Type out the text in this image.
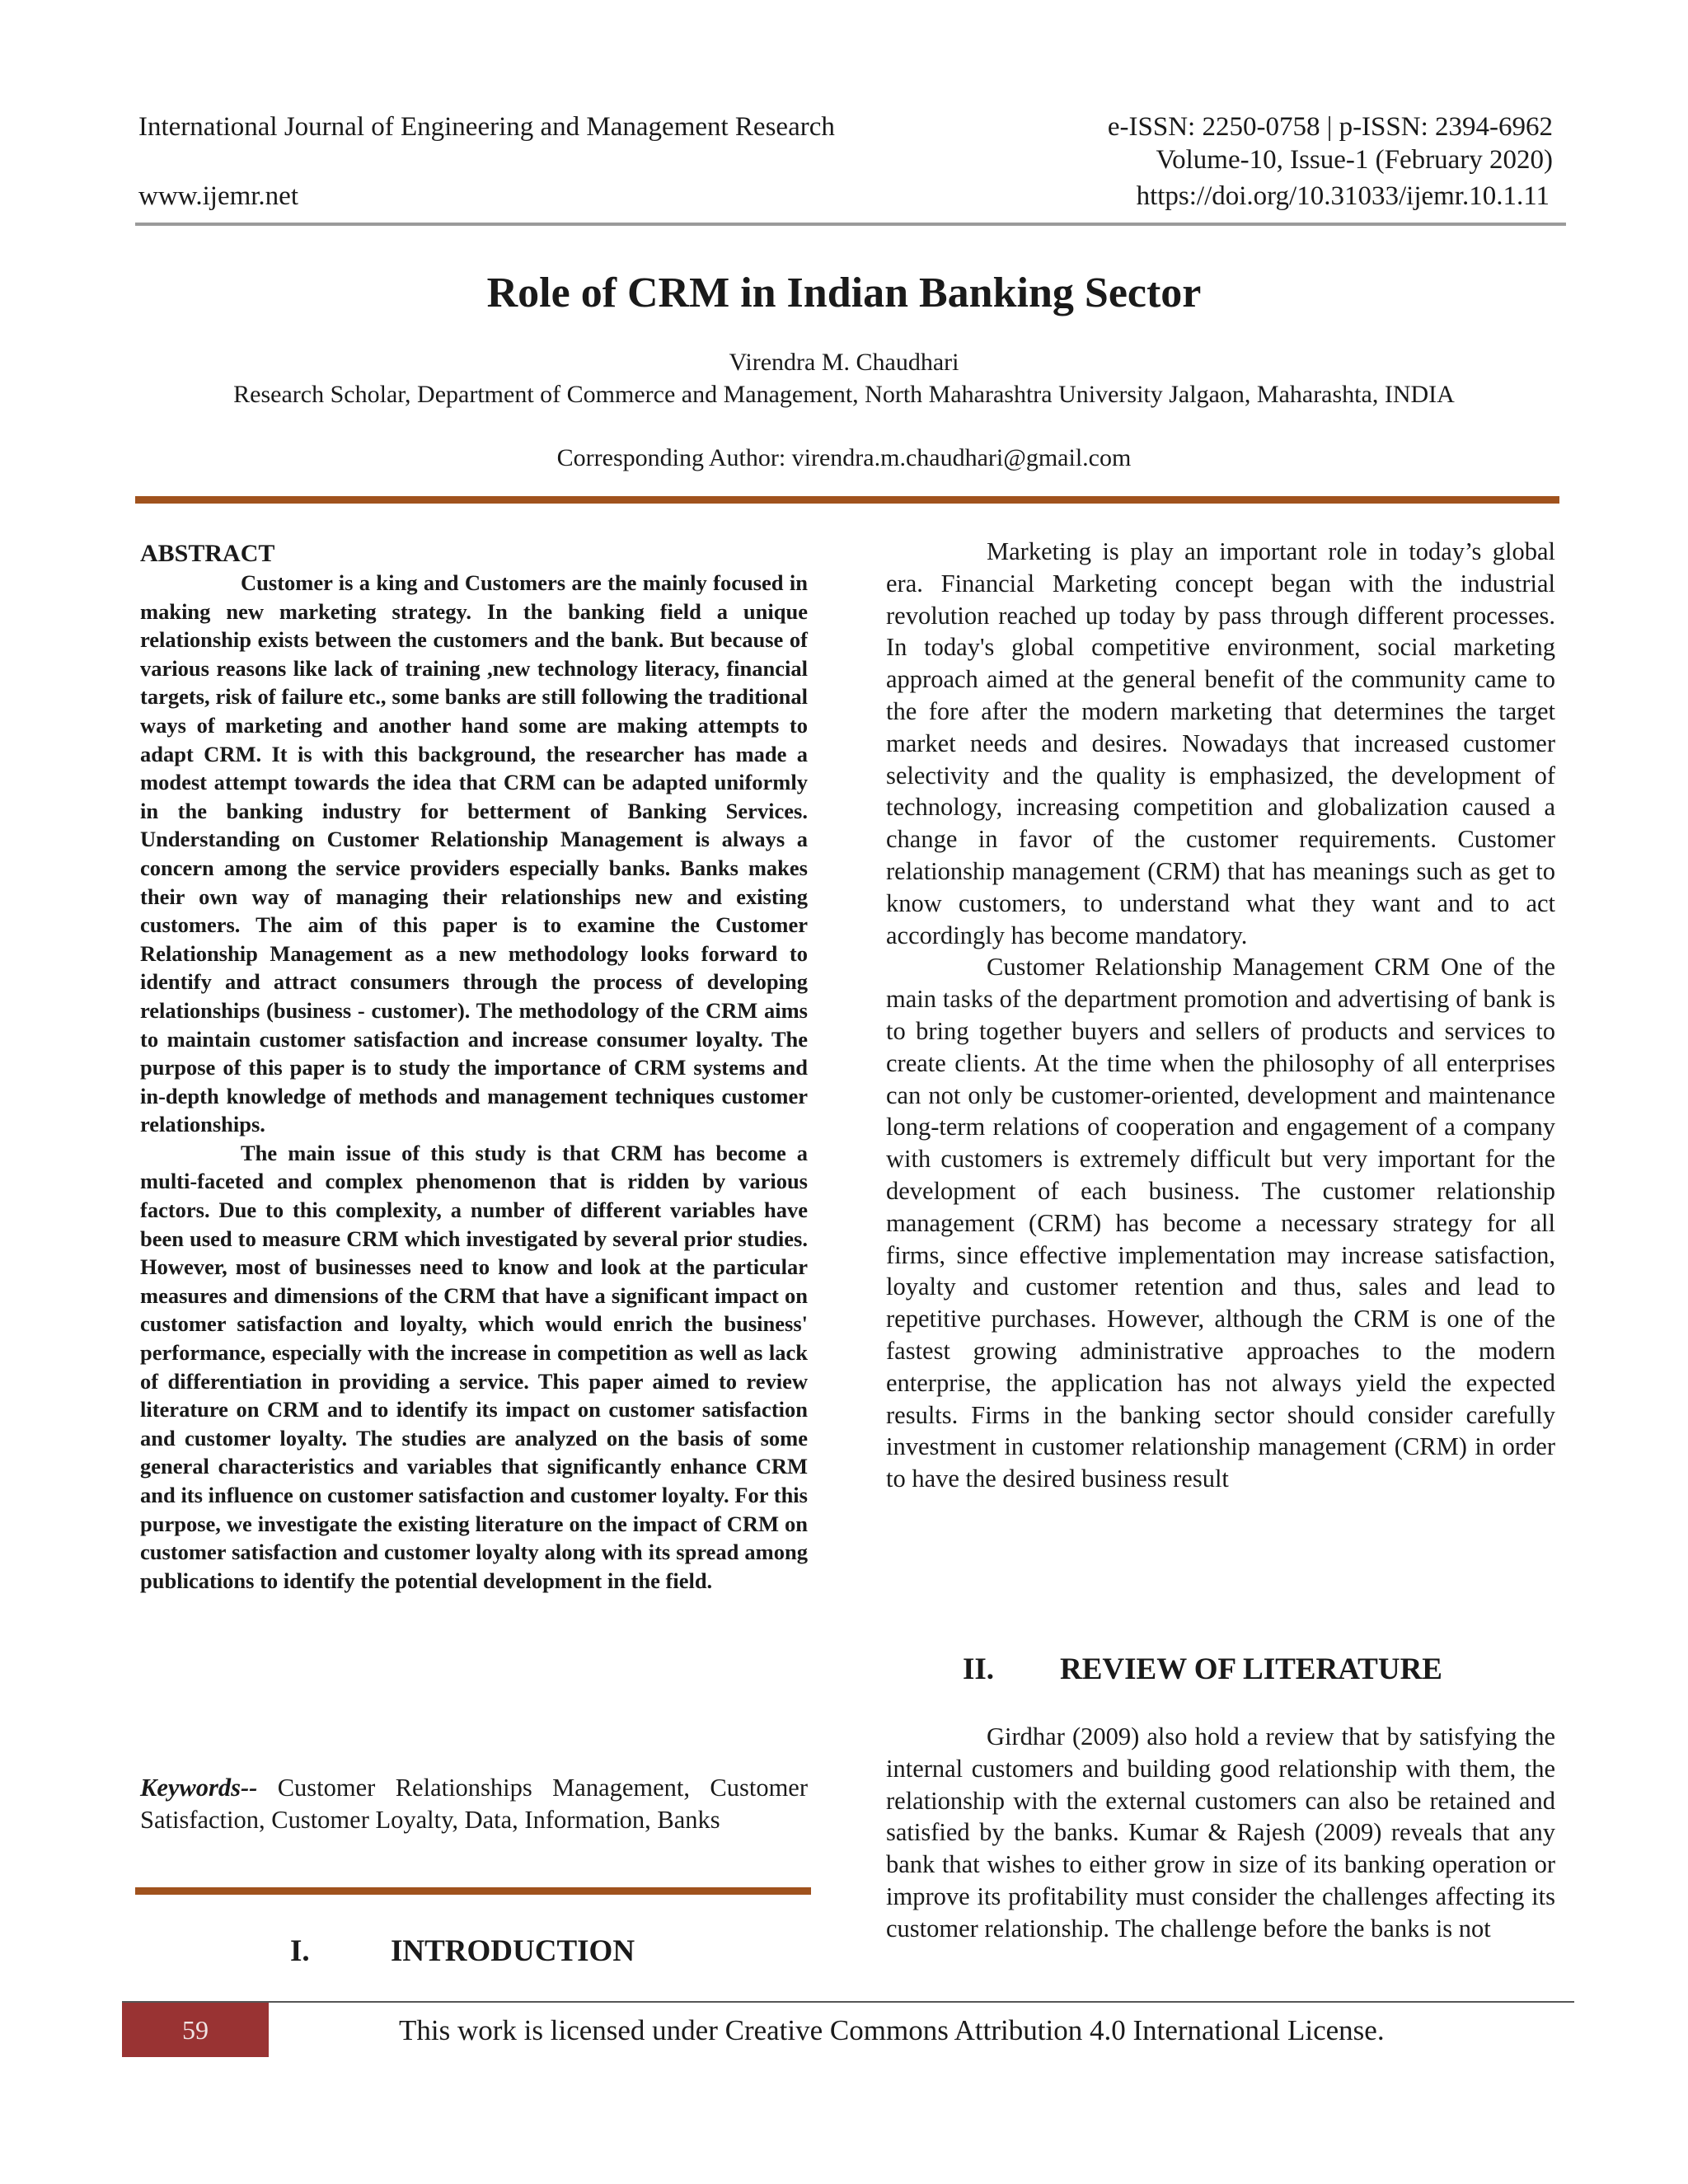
International Journal of Engineering and Management Research	e-ISSN: 2250-0758 | p-ISSN: 2394-6962
Volume-10, Issue-1 (February 2020)
www.ijemr.net	https://doi.org/10.31033/ijemr.10.1.11
Role of CRM in Indian Banking Sector
Virendra M. Chaudhari
Research Scholar, Department of Commerce and Management, North Maharashtra University Jalgaon, Maharashta, INDIA
Corresponding Author: virendra.m.chaudhari@gmail.com
ABSTRACT

Customer is a king and Customers are the mainly focused in making new marketing strategy. In the banking field a unique relationship exists between the customers and the bank. But because of various reasons like lack of training ,new technology literacy, financial targets, risk of failure etc., some banks are still following the traditional ways of marketing and another hand some are making attempts to adapt CRM. It is with this background, the researcher has made a modest attempt towards the idea that CRM can be adapted uniformly in the banking industry for betterment of Banking Services. Understanding on Customer Relationship Management is always a concern among the service providers especially banks. Banks makes their own way of managing their relationships new and existing customers. The aim of this paper is to examine the Customer Relationship Management as a new methodology looks forward to identify and attract consumers through the process of developing relationships (business - customer). The methodology of the CRM aims to maintain customer satisfaction and increase consumer loyalty. The purpose of this paper is to study the importance of CRM systems and in-depth knowledge of methods and management techniques customer relationships.

The main issue of this study is that CRM has become a multi-faceted and complex phenomenon that is ridden by various factors. Due to this complexity, a number of different variables have been used to measure CRM which investigated by several prior studies. However, most of businesses need to know and look at the particular measures and dimensions of the CRM that have a significant impact on customer satisfaction and loyalty, which would enrich the business' performance, especially with the increase in competition as well as lack of differentiation in providing a service. This paper aimed to review literature on CRM and to identify its impact on customer satisfaction and customer loyalty. The studies are analyzed on the basis of some general characteristics and variables that significantly enhance CRM and its influence on customer satisfaction and customer loyalty. For this purpose, we investigate the existing literature on the impact of CRM on customer satisfaction and customer loyalty along with its spread among publications to identify the potential development in the field.

Keywords-- Customer Relationships Management, Customer Satisfaction, Customer Loyalty, Data, Information, Banks

I.	INTRODUCTION

Marketing is play an important role in today’s global era. Financial Marketing concept began with the industrial revolution reached up today by pass through different processes. In today's global competitive environment, social marketing approach aimed at the general benefit of the community came to the fore after the modern marketing that determines the target market needs and desires. Nowadays that increased customer selectivity and the quality is emphasized, the development of technology, increasing competition and globalization caused a change in favor of the customer requirements. Customer relationship management (CRM) that has meanings such as get to know customers, to understand what they want and to act accordingly has become mandatory.

Customer Relationship Management CRM One of the main tasks of the department promotion and advertising of bank is to bring together buyers and sellers of products and services to create clients. At the time when the philosophy of all enterprises can not only be customer-oriented, development and maintenance long-term relations of cooperation and engagement of a company with customers is extremely difficult but very important for the development of each business. The customer relationship management (CRM) has become a necessary strategy for all firms, since effective implementation may increase satisfaction, loyalty and customer retention and thus, sales and lead to repetitive purchases. However, although the CRM is one of the fastest growing administrative approaches to the modern enterprise, the application has not always yield the expected results. Firms in the banking sector should consider carefully investment in customer relationship management (CRM) in order to have the desired business result

II. REVIEW OF LITERATURE

Girdhar (2009) also hold a review that by satisfying the internal customers and building good relationship with them, the relationship with the external customers can also be retained and satisfied by the banks. Kumar & Rajesh (2009) reveals that any bank that wishes to either grow in size of its banking operation or improve its profitability must consider the challenges affecting its customer relationship. The challenge before the banks is not

59	This work is licensed under Creative Commons Attribution 4.0 International License.
